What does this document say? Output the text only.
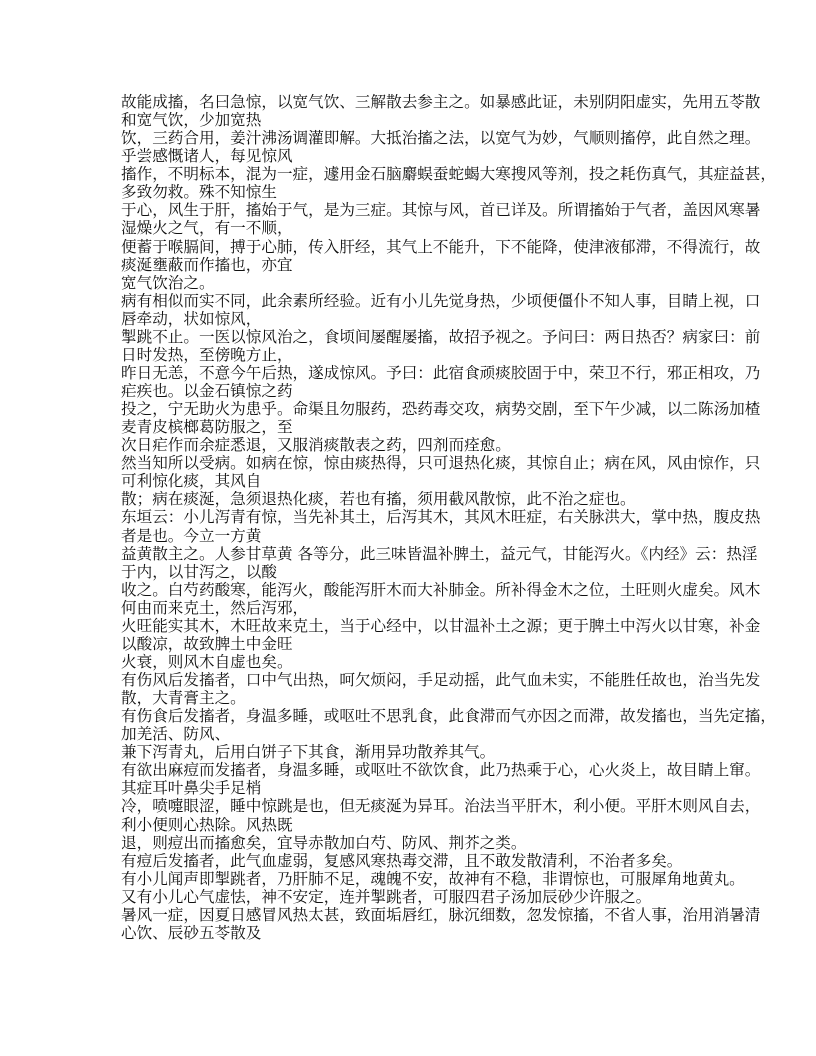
故能成搐，名曰急惊，以宽气饮、三解散去参主之。如暴感此证，未别阴阳虚实，先用五苓散
和宽气饮，少加宽热
饮，三药合用，姜汁沸汤调灌即解。大抵治搐之法，以宽气为妙，气顺则搐停，此自然之理。
乎尝感慨诸人，每见惊风
搐作，不明标本，混为一症，遽用金石脑麝蜈蚕蛇蝎大寒搜风等剂，投之耗伤真气，其症益甚，
多致勿救。殊不知惊生
于心，风生于肝，搐始于气，是为三症。其惊与风，首已详及。所谓搐始于气者，盖因风寒暑
湿燥火之气，有一不顺，
便蓄于喉膈间，搏于心肺，传入肝经，其气上不能升，下不能降，使津液郁滞，不得流行，故
痰涎壅蔽而作搐也，亦宜
宽气饮治之。
病有相似而实不同，此余素所经验。近有小儿先觉身热，少顷便僵仆不知人事，目睛上视，口
唇牵动，状如惊风，
掣跳不止。一医以惊风治之，食顷间屡醒屡搐，故招予视之。予问曰：两日热否？病家曰：前
日时发热，至傍晚方止，
昨日无恙，不意今午后热，遂成惊风。予曰：此宿食顽痰胶固于中，荣卫不行，邪正相攻，乃
疟疾也。以金石镇惊之药
投之，宁无助火为患乎。命渠且勿服药，恐药毒交攻，病势交剧，至下午少减，以二陈汤加楂
麦青皮槟榔葛防服之，至
次日疟作而余症悉退，又服消痰散表之药，四剂而痊愈。
然当知所以受病。如病在惊，惊由痰热得，只可退热化痰，其惊自止；病在风，风由惊作，只
可利惊化痰，其风自
散；病在痰涎，急须退热化痰，若也有搐，须用截风散惊，此不治之症也。
东垣云：小儿泻青有惊，当先补其土，后泻其木，其风木旺症，右关脉洪大，掌中热，腹皮热
者是也。今立一方黄
益黄散主之。人参甘草黄 各等分，此三味皆温补脾土，益元气，甘能泻火。《内经》云：热淫
于内，以甘泻之，以酸
收之。白芍药酸寒，能泻火，酸能泻肝木而大补肺金。所补得金木之位，土旺则火虚矣。风木
何由而来克土，然后泻邪，
火旺能实其木，木旺故来克土，当于心经中，以甘温补土之源；更于脾土中泻火以甘寒，补金
以酸凉，故致脾土中金旺
火衰，则风木自虚也矣。
有伤风后发搐者，口中气出热，呵欠烦闷，手足动摇，此气血未实，不能胜任故也，治当先发
散，大青膏主之。
有伤食后发搐者，身温多睡，或呕吐不思乳食，此食滞而气亦因之而滞，故发搐也，当先定搐，
加羌活、防风、
兼下泻青丸，后用白饼子下其食，渐用异功散养其气。
有欲出麻痘而发搐者，身温多睡，或呕吐不欲饮食，此乃热乘于心，心火炎上，故目睛上窜。
其症耳叶鼻尖手足梢
冷，喷嚏眼涩，睡中惊跳是也，但无痰涎为异耳。治法当平肝木，利小便。平肝木则风自去，
利小便则心热除。风热既
退，则痘出而搐愈矣，宜导赤散加白芍、防风、荆芥之类。
有痘后发搐者，此气血虚弱，复感风寒热毒交滞，且不敢发散清利，不治者多矣。
有小儿闻声即掣跳者，乃肝肺不足，魂魄不安，故神有不稳，非谓惊也，可服犀角地黄丸。
又有小儿心气虚怯，神不安定，连并掣跳者，可服四君子汤加辰砂少许服之。
暑风一症，因夏日感冒风热太甚，致面垢唇红，脉沉细数，忽发惊搐，不省人事，治用消暑清
心饮、辰砂五苓散及
